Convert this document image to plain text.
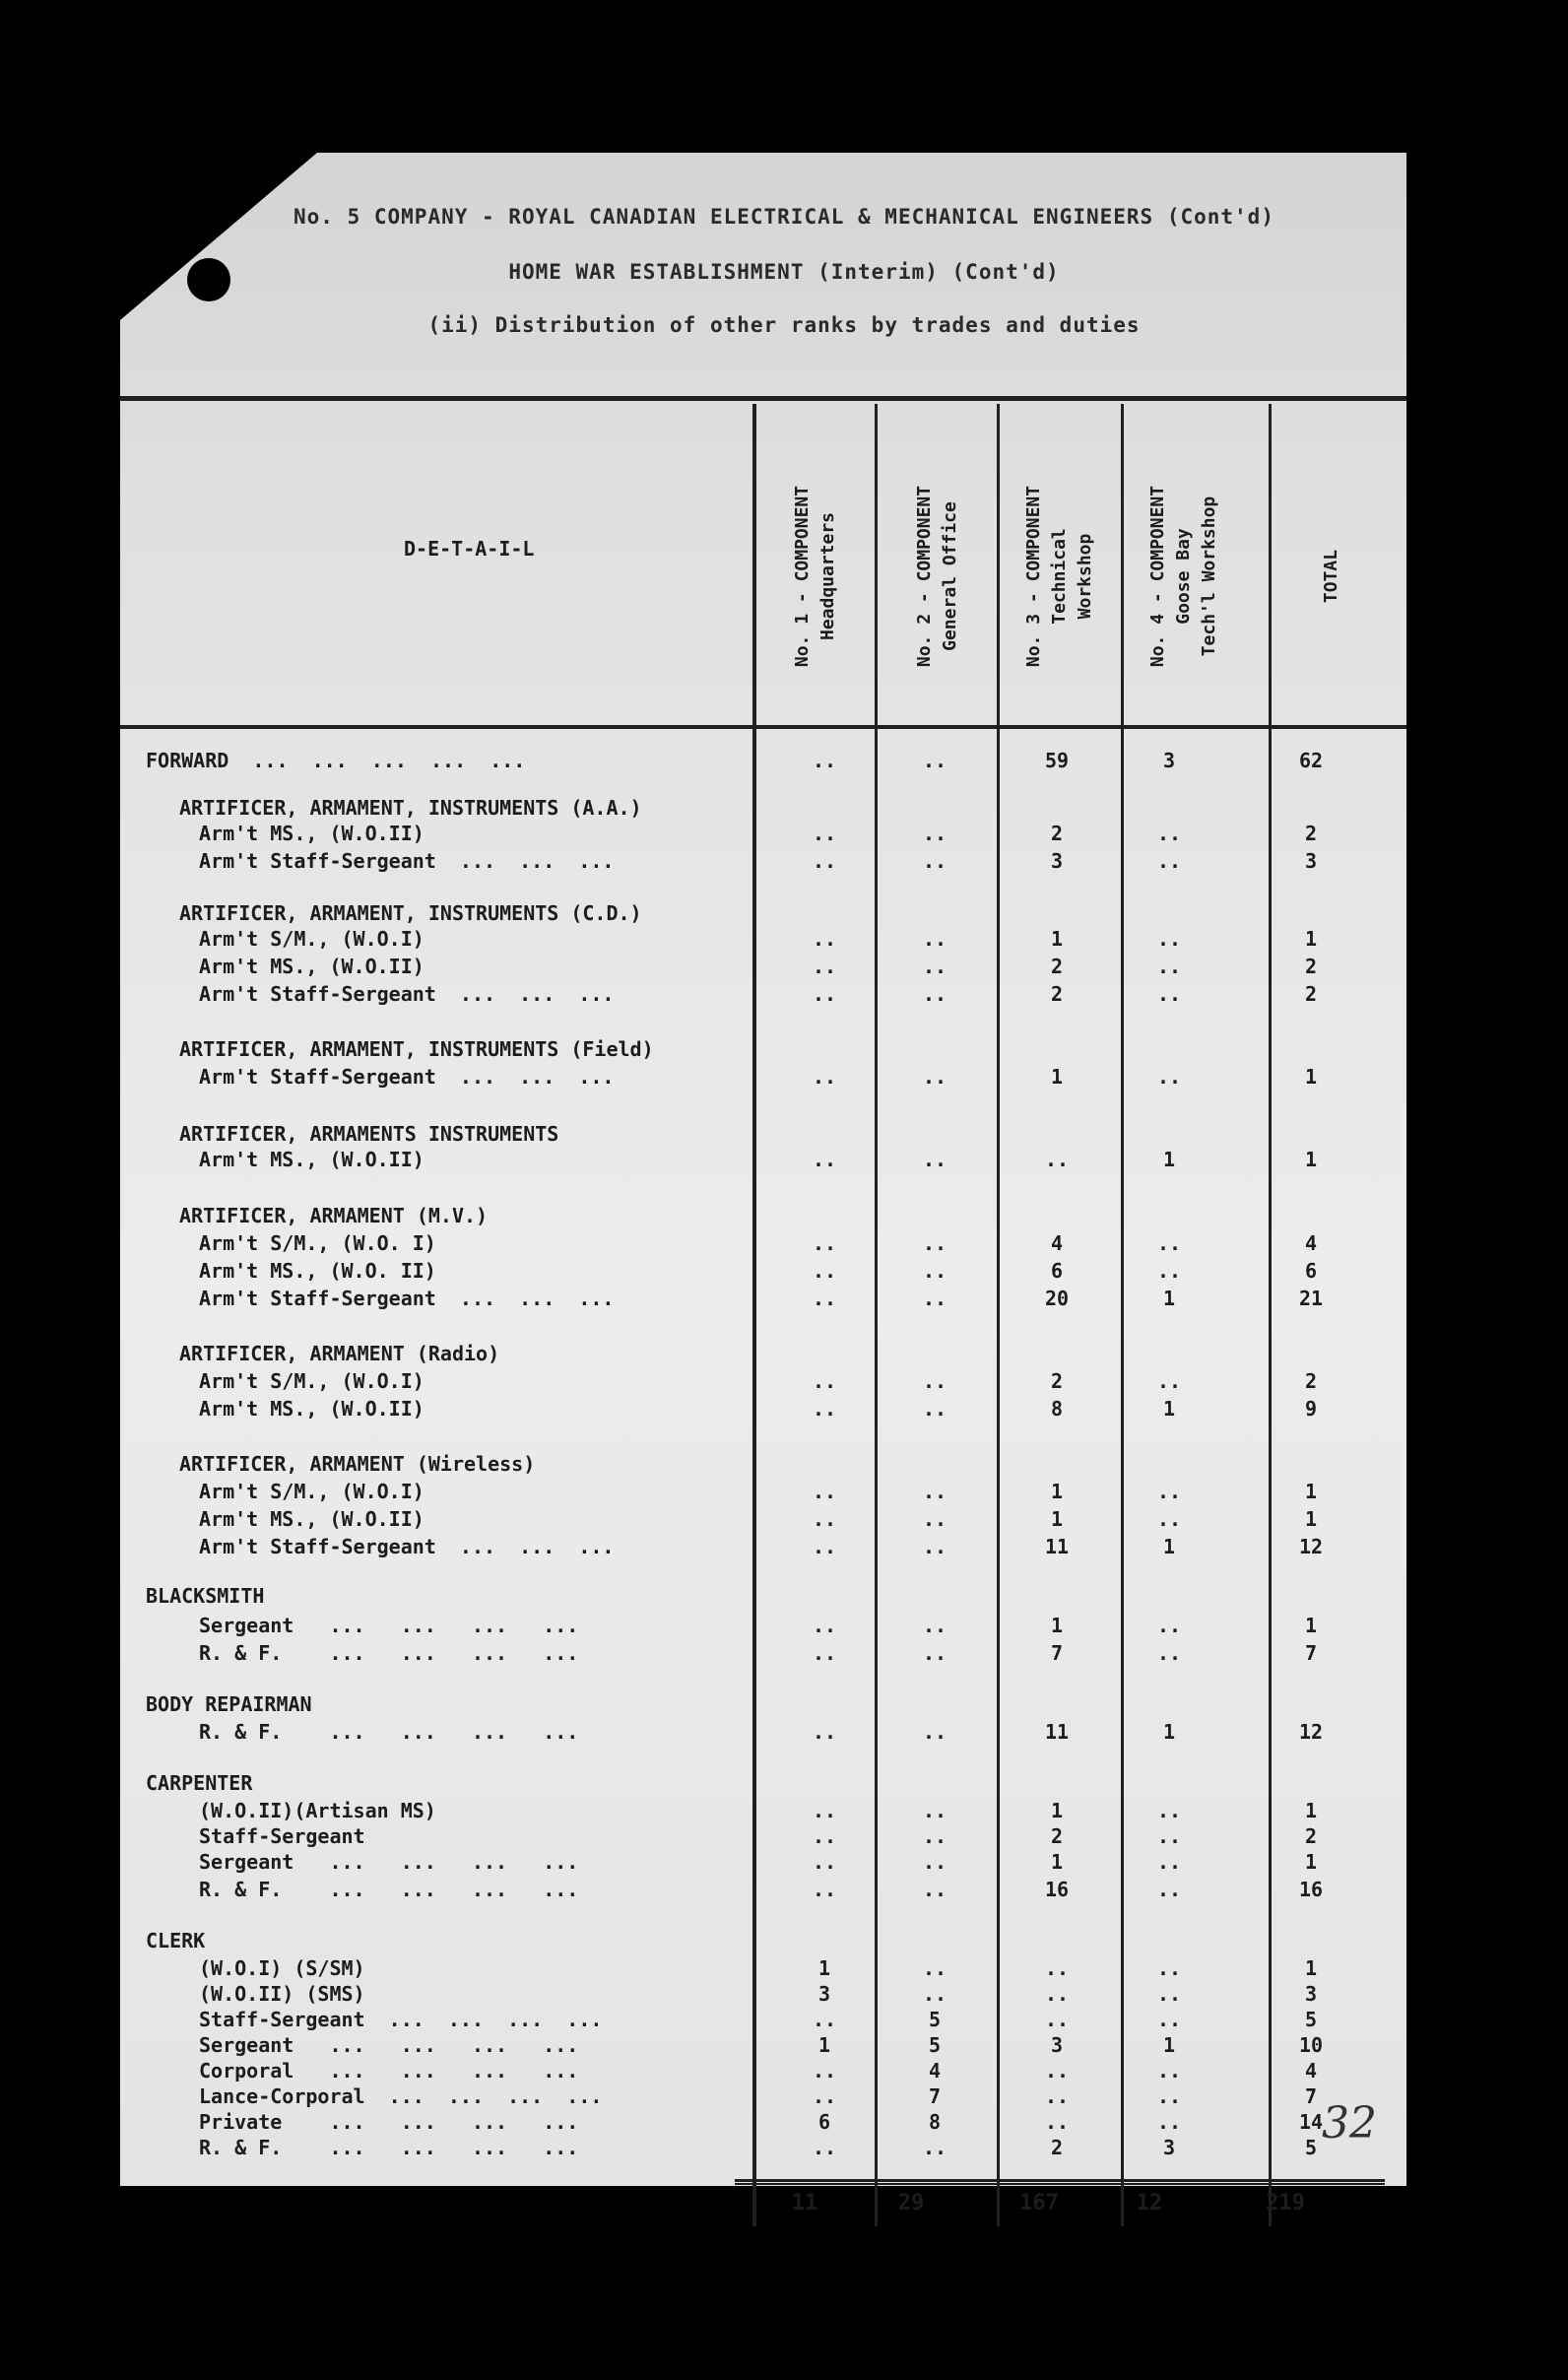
No. 5 COMPANY - ROYAL CANADIAN ELECTRICAL & MECHANICAL ENGINEERS (Cont'd)
HOME WAR ESTABLISHMENT (Interim) (Cont'd)
(ii) Distribution of other ranks by trades and duties
D-E-T-A-I-L	No. 1 - COMPONENT Headquarters	No. 2 - COMPONENT General Office	No. 3 - COMPONENT Technical Workshop	No. 4 - COMPONENT Goose Bay Tech'l Workshop	TOTAL
FORWARD  ...  ...  ...  ...  ...	..	..	59	3	62
ARTIFICER, ARMAMENT, INSTRUMENTS (A.A.)
Arm't MS., (W.O.II)	..	..	2	..	2
Arm't Staff-Sergeant  ...  ...  ...	..	..	3	..	3
ARTIFICER, ARMAMENT, INSTRUMENTS (C.D.)
Arm't S/M., (W.O.I)	..	..	1	..	1
Arm't MS., (W.O.II)	..	..	2	..	2
Arm't Staff-Sergeant  ...  ...  ...	..	..	2	..	2
ARTIFICER, ARMAMENT, INSTRUMENTS (Field)
Arm't Staff-Sergeant  ...  ...  ...	..	..	1	..	1
ARTIFICER, ARMAMENTS INSTRUMENTS
Arm't MS., (W.O.II)	..	..	..	1	1
ARTIFICER, ARMAMENT (M.V.)
Arm't S/M., (W.O. I)	..	..	4	..	4
Arm't MS., (W.O. II)	..	..	6	..	6
Arm't Staff-Sergeant  ...  ...  ...	..	..	20	1	21
ARTIFICER, ARMAMENT (Radio)
Arm't S/M., (W.O.I)	..	..	2	..	2
Arm't MS., (W.O.II)	..	..	8	1	9
ARTIFICER, ARMAMENT (Wireless)
Arm't S/M., (W.O.I)	..	..	1	..	1
Arm't MS., (W.O.II)	..	..	1	..	1
Arm't Staff-Sergeant  ...  ...  ...	..	..	11	1	12
BLACKSMITH
Sergeant   ...   ...   ...   ...	..	..	1	..	1
R. & F.    ...   ...   ...   ...	..	..	7	..	7
BODY REPAIRMAN
R. & F.    ...   ...   ...   ...	..	..	11	1	12
CARPENTER
(W.O.II)(Artisan MS)	..	..	1	..	1
Staff-Sergeant	..	..	2	..	2
Sergeant   ...   ...   ...   ...	..	..	1	..	1
R. & F.    ...   ...   ...   ...	..	..	16	..	16
CLERK
(W.O.I) (S/SM)	1	..	..	..	1
(W.O.II) (SMS)	3	..	..	..	3
Staff-Sergeant  ...  ...  ...  ...	..	5	..	..	5
Sergeant   ...   ...   ...   ...	1	5	3	1	10
Corporal   ...   ...   ...   ...	..	4	..	..	4
Lance-Corporal  ...  ...  ...  ...	..	7	..	..	7
Private    ...   ...   ...   ...	6	8	..	..	14
R. & F.    ...   ...   ...   ...	..	..	2	3	5
11	29	167	12	219
32
